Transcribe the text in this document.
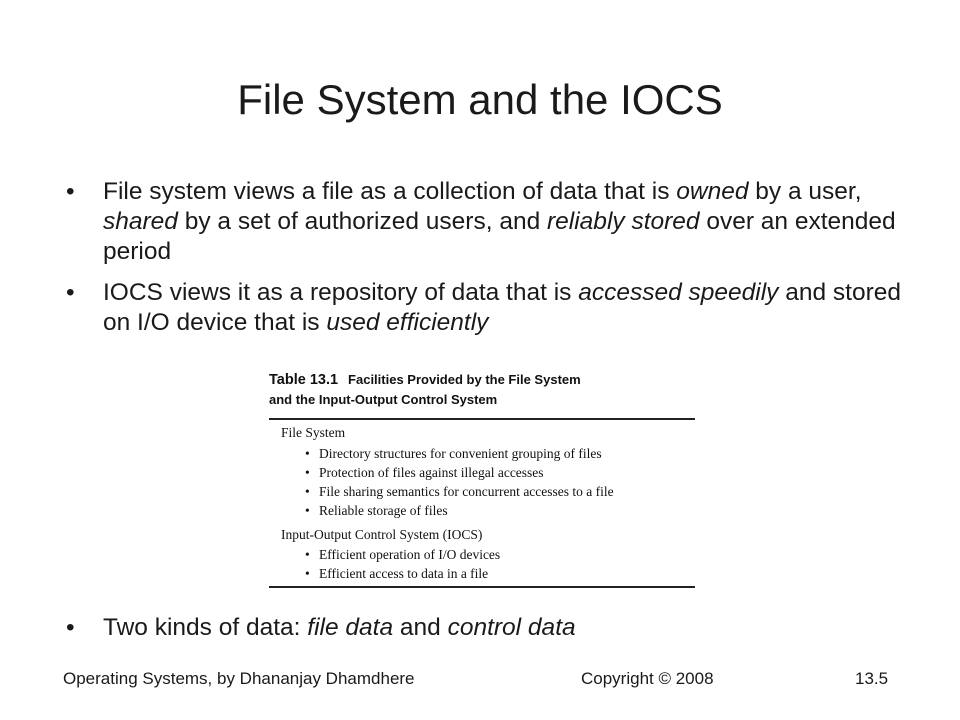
File System and the IOCS
• File system views a file as a collection of data that is owned by a user, shared by a set of authorized users, and reliably stored over an extended period
• IOCS views it as a repository of data that is accessed speedily and stored on I/O device that is used efficiently
Table 13.1 Facilities Provided by the File System
and the Input-Output Control System
File System
• Directory structures for convenient grouping of files
• Protection of files against illegal accesses
• File sharing semantics for concurrent accesses to a file
• Reliable storage of files
Input-Output Control System (IOCS)
• Efficient operation of I/O devices
• Efficient access to data in a file
• Two kinds of data: file data and control data
Operating Systems, by Dhananjay Dhamdhere	Copyright © 2008	13.5
